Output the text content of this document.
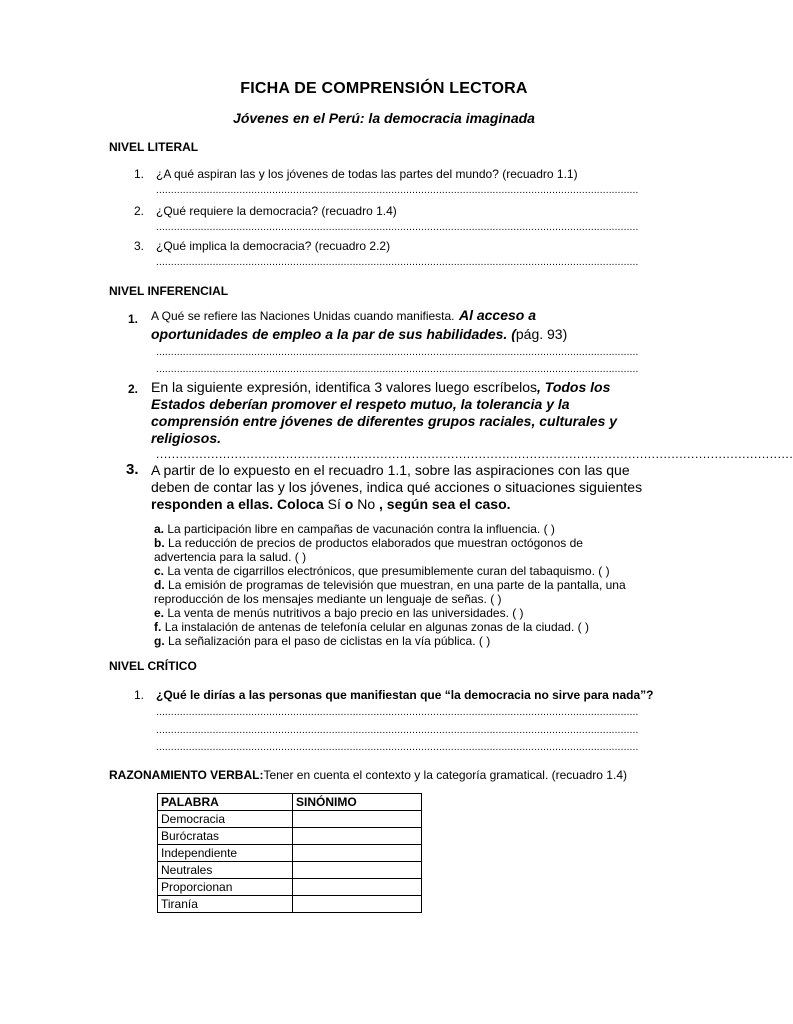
FICHA DE COMPRENSIÓN LECTORA
Jóvenes en el Perú: la democracia imaginada
NIVEL LITERAL
1. ¿A qué aspiran las y los jóvenes de todas las partes del mundo? (recuadro 1.1)
..................................................................................................................................................................
2. ¿Qué requiere la democracia? (recuadro 1.4)
..................................................................................................................................................................
3. ¿Qué implica la democracia? (recuadro 2.2)
..................................................................................................................................................................
NIVEL INFERENCIAL
1. A Qué se refiere las Naciones Unidas cuando manifiesta. Al acceso a
oportunidades de empleo a la par de sus habilidades. (pág. 93)
..................................................................................................................................................................
..................................................................................................................................................................
2. En la siguiente expresión, identifica 3 valores luego escríbelos, Todos los
Estados deberían promover el respeto mutuo, la tolerancia y la
comprensión entre jóvenes de diferentes grupos raciales, culturales y
religiosos.
..................................................................................................................................................................
3. A partir de lo expuesto en el recuadro 1.1, sobre las aspiraciones con las que
deben de contar las y los jóvenes, indica qué acciones o situaciones siguientes
responden a ellas. Coloca Sí o No , según sea el caso.
a. La participación libre en campañas de vacunación contra la influencia. ( )
b. La reducción de precios de productos elaborados que muestran octógonos de
advertencia para la salud. ( )
c. La venta de cigarrillos electrónicos, que presumiblemente curan del tabaquismo. ( )
d. La emisión de programas de televisión que muestran, en una parte de la pantalla, una
reproducción de los mensajes mediante un lenguaje de señas. ( )
e. La venta de menús nutritivos a bajo precio en las universidades. ( )
f. La instalación de antenas de telefonía celular en algunas zonas de la ciudad. ( )
g. La señalización para el paso de ciclistas en la vía pública. ( )
NIVEL CRÍTICO
1. ¿Qué le dirías a las personas que manifiestan que “la democracia no sirve para nada”?
..................................................................................................................................................................
..................................................................................................................................................................
..................................................................................................................................................................
RAZONAMIENTO VERBAL:Tener en cuenta el contexto y la categoría gramatical. (recuadro 1.4)
PALABRA	SINÓNIMO
Democracia	
Burócratas	
Independiente	
Neutrales	
Proporcionan	
Tiranía	
